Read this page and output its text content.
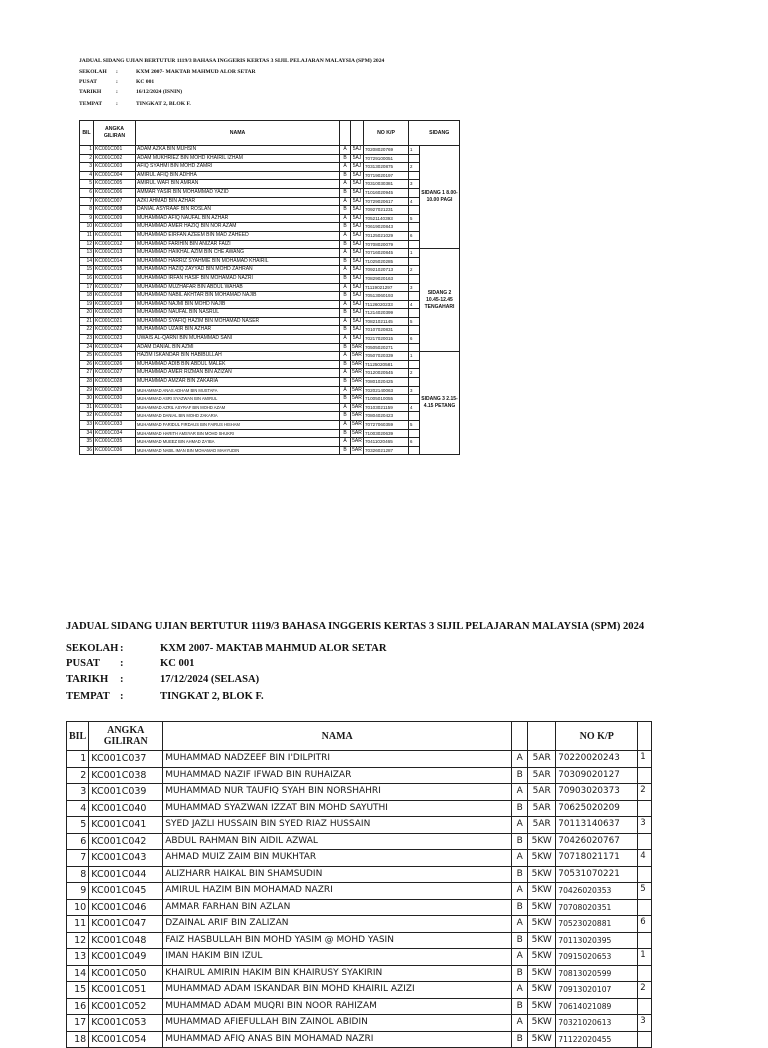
JADUAL SIDANG UJIAN BERTUTUR 1119/3 BAHASA INGGERIS KERTAS 3 SIJIL PELAJARAN MALAYSIA (SPM) 2024

SEKOLAH :	KXM 2007- MAKTAB MAHMUD ALOR SETAR
PUSAT	:	KC 001
TARIKH	:	16/12/2024 (ISNIN)
TEMPAT :	TINGKAT 2, BLOK F.
BIL	ANGKA GILIRAN	NAMA			NO K/P		SIDANG
1	KC001C001	ADAM AZKA BIN MUHSIN	A	5AJ	70208020769	1	SIDANG 1 8.00-10.00 PAGI
2	KC001C002	ADAM MUKHRIEZ BIN MOHD KHAIRIL IZHAM	B	5AJ	70729100051		
3	KC001C003	AFIQ SYAHMI BIN MOHD ZAMRI	A	5AJ	70313020875	2	
4	KC001C004	AMIRUL AFIQ BIN ADHHA	B	5AJ	70719020197		
5	KC001C005	AMIRUL WAFI BIN AMRAN	A	5AJ	70310030381	3	
6	KC001C006	AMMAR YASIR BIN MOHAMMAD YAZID	B	5AJ	71016020945		
7	KC001C007	AZKI AHMAD BIN AZHAR	A	5AJ	70729020617	4	
8	KC001C008	DANIAL ASYRAAF BIN ROSLAN	B	5AJ	70927021231		
9	KC001C009	MUHAMMAD AFIQ NAUFAL BIN AZHAR	A	5AJ	70521140393	5	
10	KC001C010	MUHAMMAD AMER HAZIQ BIN NOR AZAM	B	5AJ	70619020843		
11	KC001C011	MUHAMMAD EIRFAN AZEEM BIN MAD ZAHEED	A	5AJ	70125021029	6	
12	KC001C012	MUHAMMAD FARIHIN BIN ANIZAR FAIZI	B	5AJ	70708020079		
13	KC001C013	MUHAMMAD HAIKHAL AZIM BIN CHE AWANG	A	5AJ	70716020845	1	SIDANG 2 10.45-12.45 TENGAHARI
14	KC001C014	MUHAMMAD HARRIZ SYAHMIE BIN MOHAMAD KHAIRIL	B	5AJ	71025020285		
15	KC001C015	MUHAMMAD HAZIQ ZAYYAD BIN MOHD ZAHRAN	A	5AJ	70921020713	2	
16	KC001C016	MUHAMMAD IRFAN HASIF BIN MOHAMAD NAZRI	B	5AJ	70829020163		
17	KC001C017	MUHAMMAD MUZHAFAR BIN ABDUL WAHAB	A	5AJ	71119021297	3	
18	KC001C018	MUHAMMAD NABIL AKHTAR BIN MOHAMAD NAJIB	B	5AJ	70513060193		
19	KC001C019	MUHAMMAD NAJMI BIN MOHD NAJIB	A	5AJ	71126020233	4	
20	KC001C020	MUHAMMAD NAUFAL BIN NASRUL	B	5AJ	71214020399		
21	KC001C021	MUHAMMAD SYAFIQ HAZIM BIN MOHAMAD NASER	A	5AJ	70821021145	5	
22	KC001C022	MUHAMMAD UZAIR BIN AZHAR	B	5AJ	70107020831		
23	KC001C023	UWAIS AL-QARNI BIN MUHAMMAD SANI	A	5AJ	70217020015	6	
24	KC001C024	ADAM DANIAL BIN AZMI	B	5AR	70505020271		
25	KC001C025	HAZIM ISKANDAR BIN HABIBULLAH	A	5AR	70507020339	1	SIDANG 3 2.15-4.15 PETANG
26	KC001C026	MUHAMMAD ADIB BIN ABDUL MALEK	B	5AR	71125020581		
27	KC001C027	MUHAMMAD AMER RIZMAN BIN AZIZAN	A	5AR	70120020545	2	
28	KC001C028	MUHAMMAD AMZAR BIN ZAKARIA	B	5AR	70801020425		
29	KC001C029	MUHAMMAD ANAS ADHAM BIN MUSTAFA	A	5AR	70202140063	3	
30	KC001C030	MUHAMMAD ASRI SYAZWAN BIN AMIRUL	B	5AR	71005010055		
31	KC001C031	MUHAMMAD AZRIL ASYRAF BIN MOHD AZAM	A	5AR	70103021159	4	
32	KC001C032	MUHAMMAD DANIAL BIN MOHD ZAKARIA	B	5AR	70804020423		
33	KC001C033	MUHAMMAD FARIDUL FIRDAUS BIN FAIRUS HISHAM	A	5AR	70727060359	5	
34	KC001C034	MUHAMMAD HARITH AMSYAR BIN MOHD SHUKRI	B	5AR	71003020639		
35	KC001C035	MUHAMMAD MUEEZ BIN AHMAD ZA'IBA	A	5AR	70411020465	6	
36	KC001C036	MUHAMMAD NABIL IMAN BIN MOHAMAD MAHYUDIN	B	5AR	70326021287		

JADUAL SIDANG UJIAN BERTUTUR 1119/3 BAHASA INGGERIS KERTAS 3 SIJIL PELAJARAN MALAYSIA (SPM) 2024

SEKOLAH :	KXM 2007- MAKTAB MAHMUD ALOR SETAR
PUSAT :	KC 001
TARIKH :	17/12/2024 (SELASA)
TEMPAT :	TINGKAT 2, BLOK F.
BIL	ANGKA GILIRAN	NAMA			NO K/P	
1	KC001C037	MUHAMMAD NADZEEF BIN I'DILPITRI	A	5AR	70220020243	1
2	KC001C038	MUHAMMAD NAZIF IFWAD BIN RUHAIZAR	B	5AR	70309020127	
3	KC001C039	MUHAMMAD NUR TAUFIQ SYAH BIN NORSHAHRI	A	5AR	70903020373	2
4	KC001C040	MUHAMMAD SYAZWAN IZZAT BIN MOHD SAYUTHI	B	5AR	70625020209	
5	KC001C041	SYED JAZLI HUSSAIN BIN SYED RIAZ HUSSAIN	A	5AR	70113140637	3
6	KC001C042	ABDUL RAHMAN BIN AIDIL AZWAL	B	5KW	70426020767	
7	KC001C043	AHMAD MUIZ ZAIM BIN MUKHTAR	A	5KW	70718021171	4
8	KC001C044	ALIZHARR HAIKAL BIN SHAMSUDIN	B	5KW	70531070221	
9	KC001C045	AMIRUL HAZIM BIN MOHAMAD NAZRI	A	5KW	70426020353	5
10	KC001C046	AMMAR FARHAN BIN AZLAN	B	5KW	70708020351	
11	KC001C047	DZAINAL ARIF BIN ZALIZAN	A	5KW	70523020881	6
12	KC001C048	FAIZ HASBULLAH BIN MOHD YASIM @ MOHD YASIN	B	5KW	70113020395	
13	KC001C049	IMAN HAKIM BIN IZUL	A	5KW	70915020653	1
14	KC001C050	KHAIRUL AMIRIN HAKIM BIN KHAIRUSY SYAKIRIN	B	5KW	70813020599	
15	KC001C051	MUHAMMAD ADAM ISKANDAR BIN MOHD KHAIRIL AZIZI	A	5KW	70913020107	2
16	KC001C052	MUHAMMAD ADAM MUQRI BIN NOOR RAHIZAM	B	5KW	70614021089	
17	KC001C053	MUHAMMAD AFIEFULLAH BIN ZAINOL ABIDIN	A	5KW	70321020613	3
18	KC001C054	MUHAMMAD AFIQ ANAS BIN MOHAMAD NAZRI	B	5KW	71122020455	
